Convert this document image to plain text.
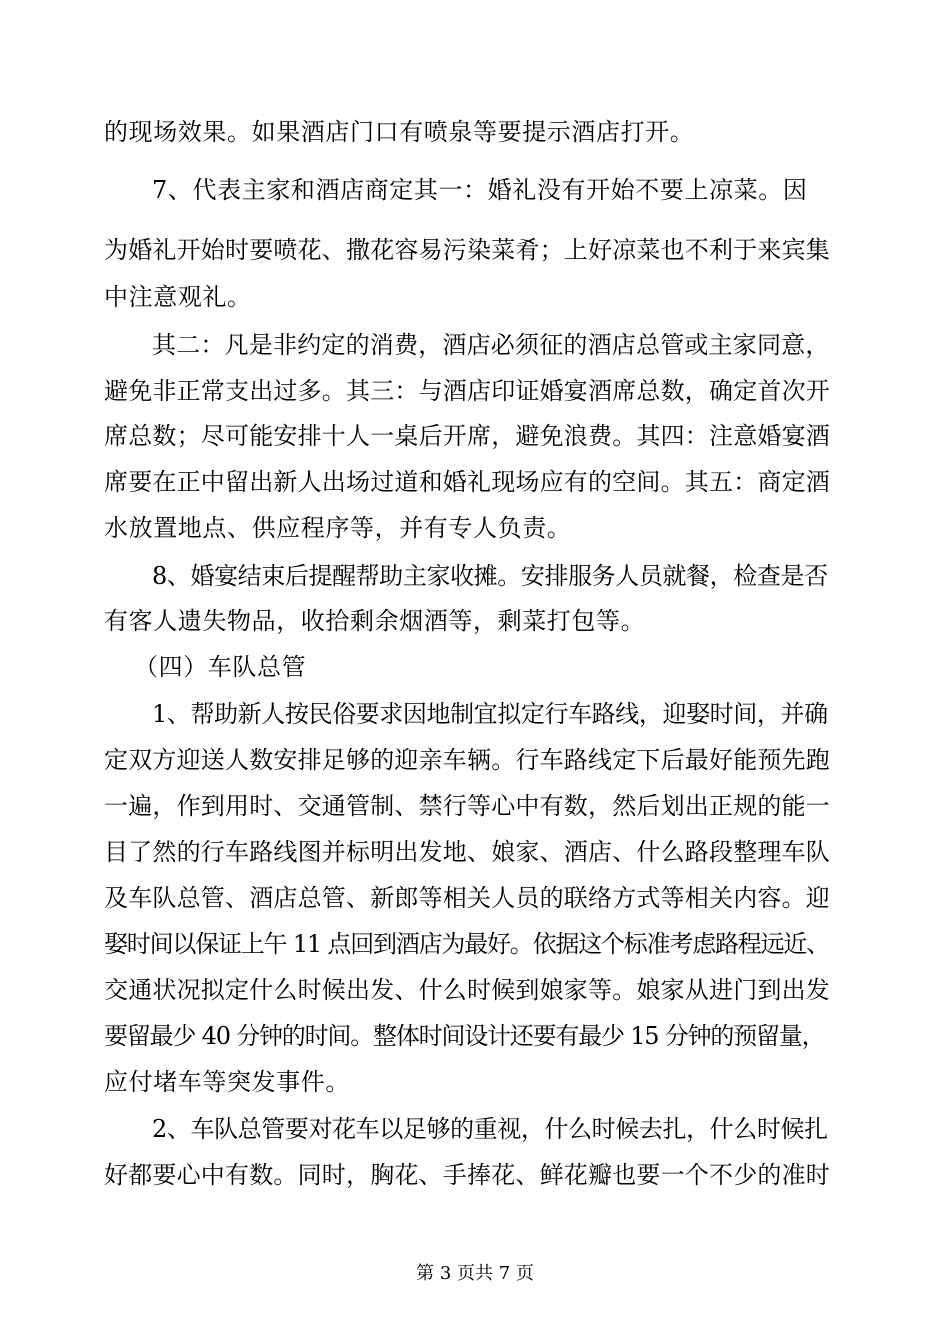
的现场效果。如果酒店门口有喷泉等要提示酒店打开。
7、代表主家和酒店商定其一：婚礼没有开始不要上凉菜。因
为婚礼开始时要喷花、撒花容易污染菜肴；上好凉菜也不利于来宾集
中注意观礼。
其二：凡是非约定的消费，酒店必须征的酒店总管或主家同意，
避免非正常支出过多。其三：与酒店印证婚宴酒席总数，确定首次开
席总数；尽可能安排十人一桌后开席，避免浪费。其四：注意婚宴酒
席要在正中留出新人出场过道和婚礼现场应有的空间。其五：商定酒
水放置地点、供应程序等，并有专人负责。
8、婚宴结束后提醒帮助主家收摊。安排服务人员就餐，检查是否
有客人遗失物品，收拾剩余烟酒等，剩菜打包等。
（四）车队总管
1、帮助新人按民俗要求因地制宜拟定行车路线，迎娶时间，并确
定双方迎送人数安排足够的迎亲车辆。行车路线定下后最好能预先跑
一遍，作到用时、交通管制、禁行等心中有数，然后划出正规的能一
目了然的行车路线图并标明出发地、娘家、酒店、什么路段整理车队
及车队总管、酒店总管、新郎等相关人员的联络方式等相关内容。迎
娶时间以保证上午 11 点回到酒店为最好。依据这个标准考虑路程远近、
交通状况拟定什么时候出发、什么时候到娘家等。娘家从进门到出发
要留最少 40 分钟的时间。整体时间设计还要有最少 15 分钟的预留量，
应付堵车等突发事件。
2、车队总管要对花车以足够的重视，什么时候去扎，什么时候扎
好都要心中有数。同时，胸花、手捧花、鲜花瓣也要一个不少的准时
第 3 页共 7 页
